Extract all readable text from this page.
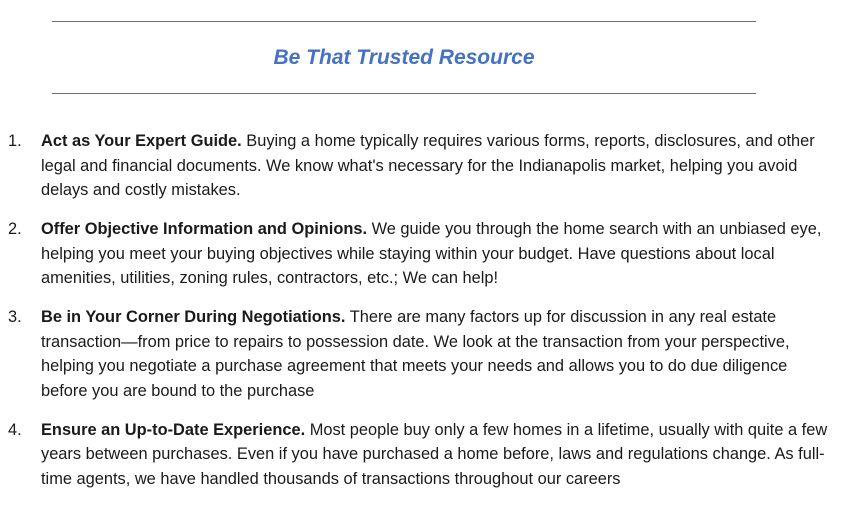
Be That Trusted Resource
1. Act as Your Expert Guide. Buying a home typically requires various forms, reports, disclosures, and other legal and financial documents. We know what's necessary for the Indianapolis market, helping you avoid delays and costly mistakes.
2. Offer Objective Information and Opinions. We guide you through the home search with an unbiased eye, helping you meet your buying objectives while staying within your budget. Have questions about local amenities, utilities, zoning rules, contractors, etc.; We can help!
3. Be in Your Corner During Negotiations. There are many factors up for discussion in any real estate transaction—from price to repairs to possession date. We look at the transaction from your perspective, helping you negotiate a purchase agreement that meets your needs and allows you to do due diligence before you are bound to the purchase
4. Ensure an Up-to-Date Experience. Most people buy only a few homes in a lifetime, usually with quite a few years between purchases. Even if you have purchased a home before, laws and regulations change. As full-time agents, we have handled thousands of transactions throughout our careers
